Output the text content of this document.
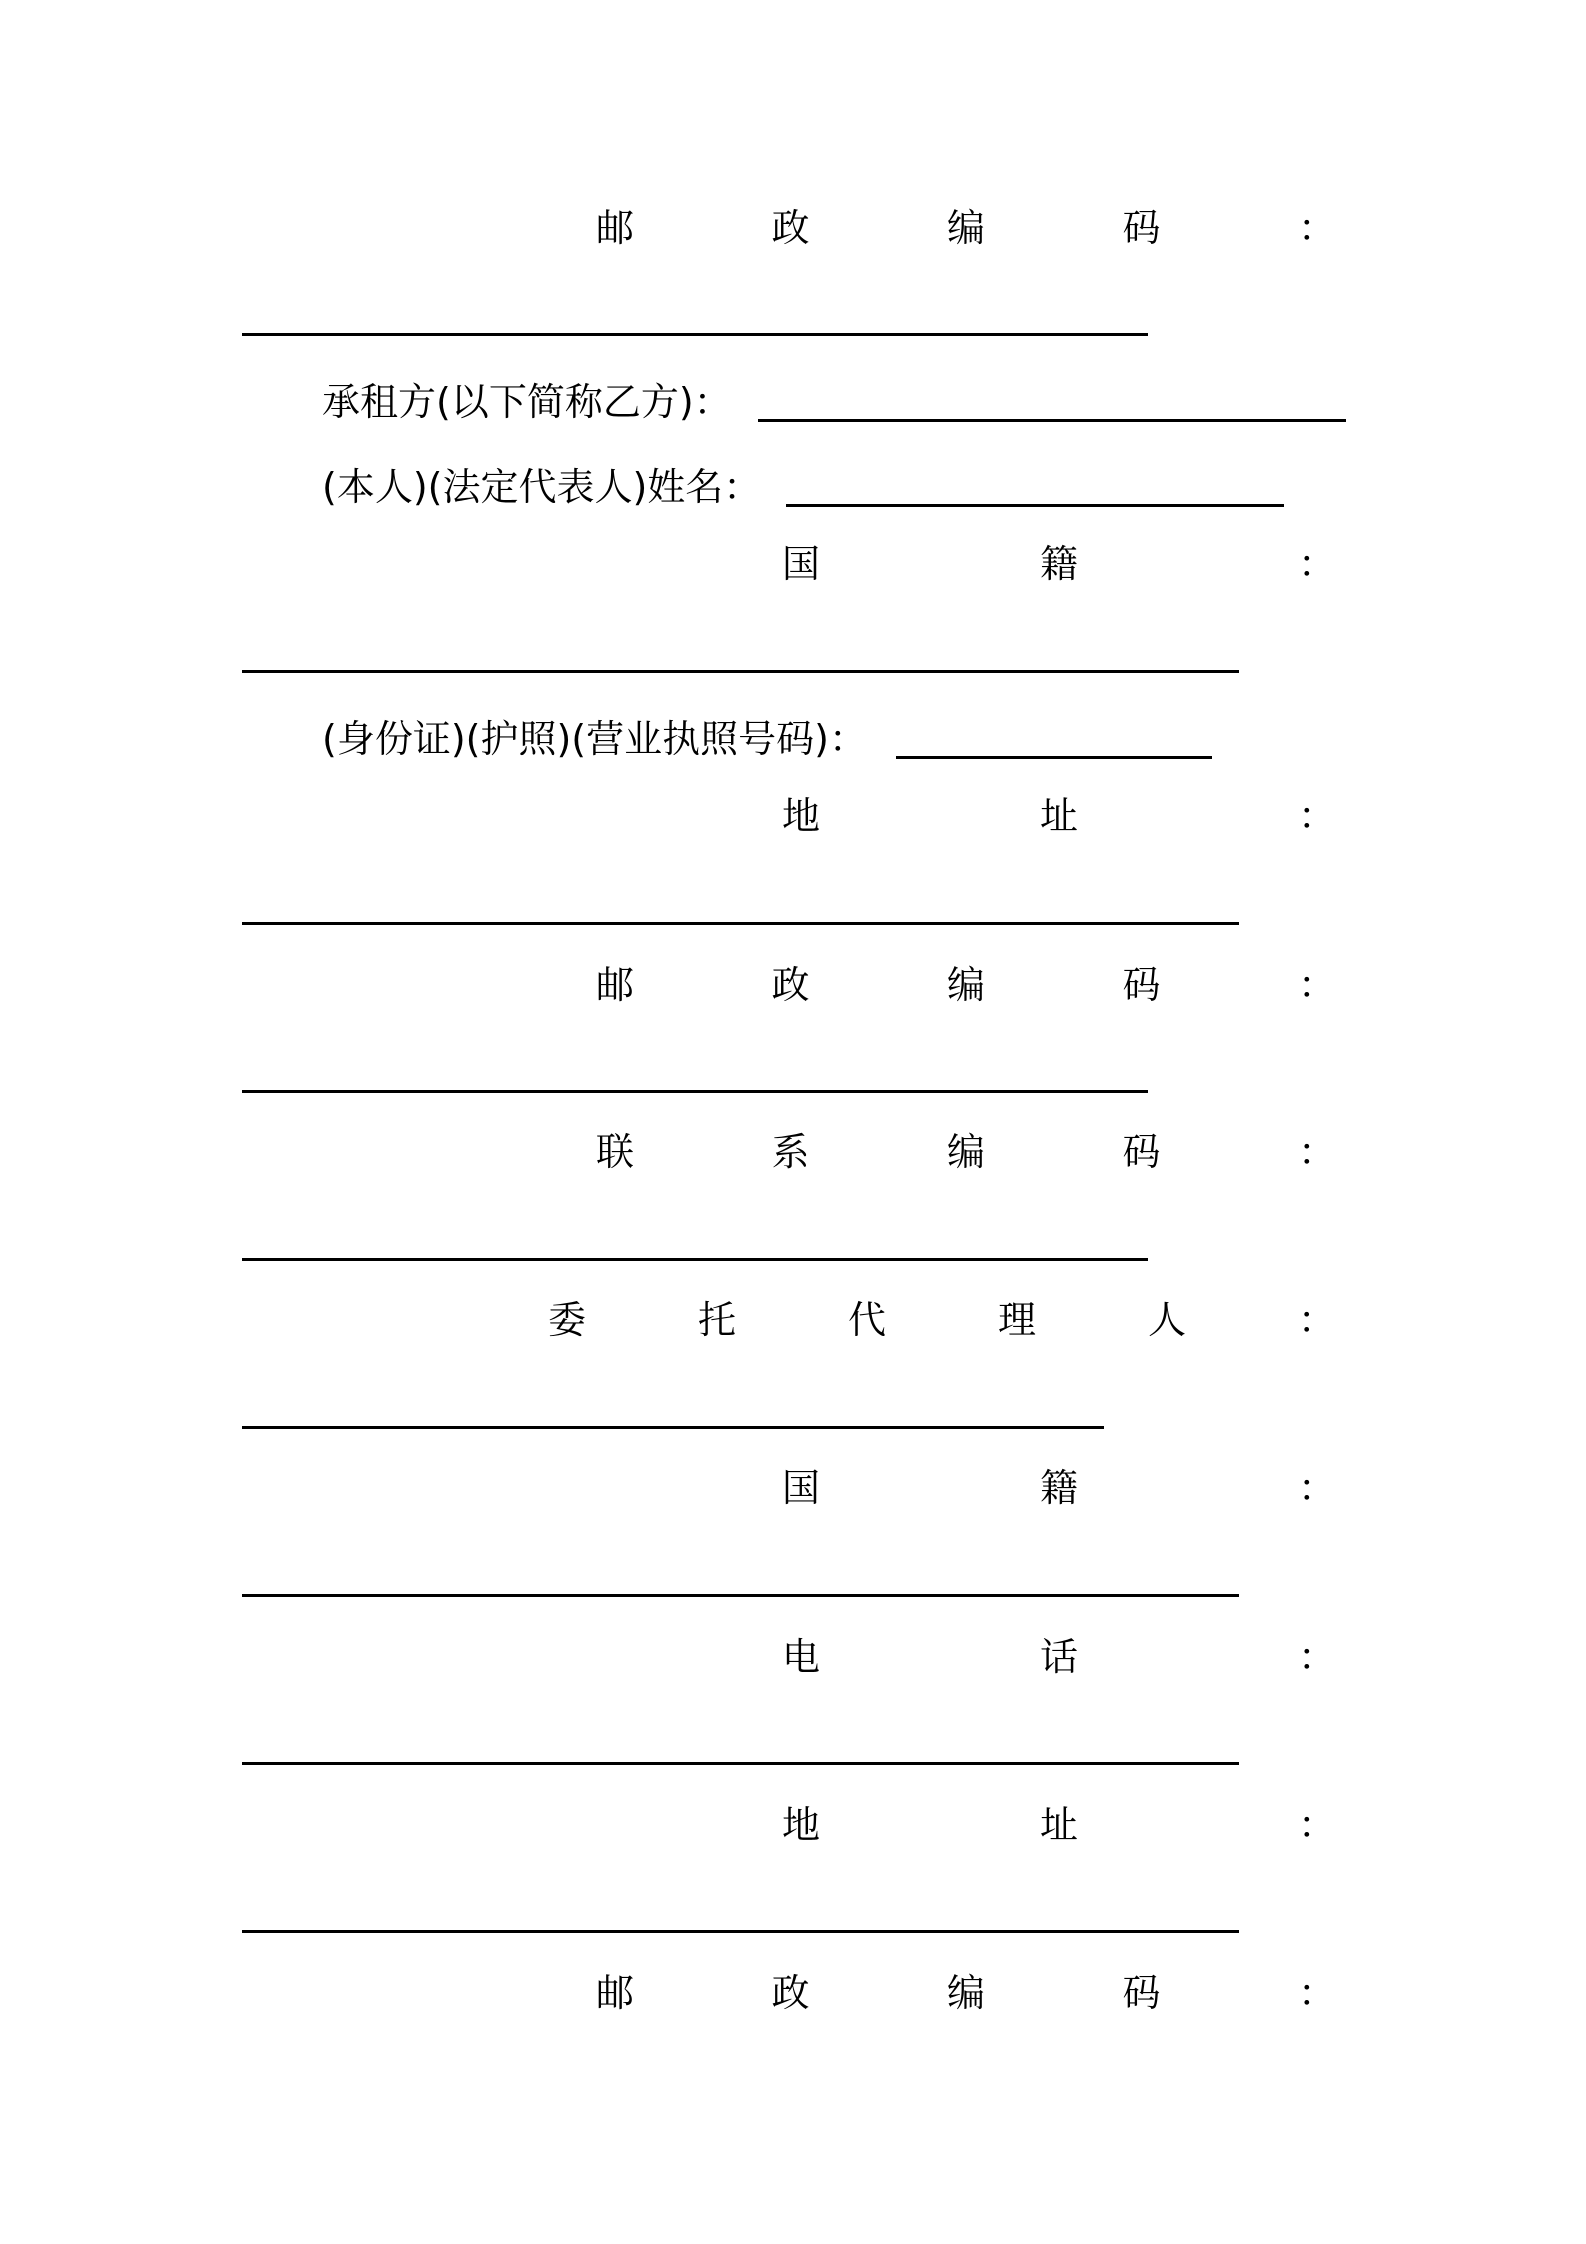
邮	政	编	码	：
承租方(以下简称乙方)：
(本人)(法定代表人)姓名：
国	籍	：
(身份证)(护照)(营业执照号码)：
地	址	：
邮	政	编	码	：
联	系	编	码	：
委	托	代	理	人	：
国	籍	：
电	话	：
地	址	：
邮	政	编	码	：
